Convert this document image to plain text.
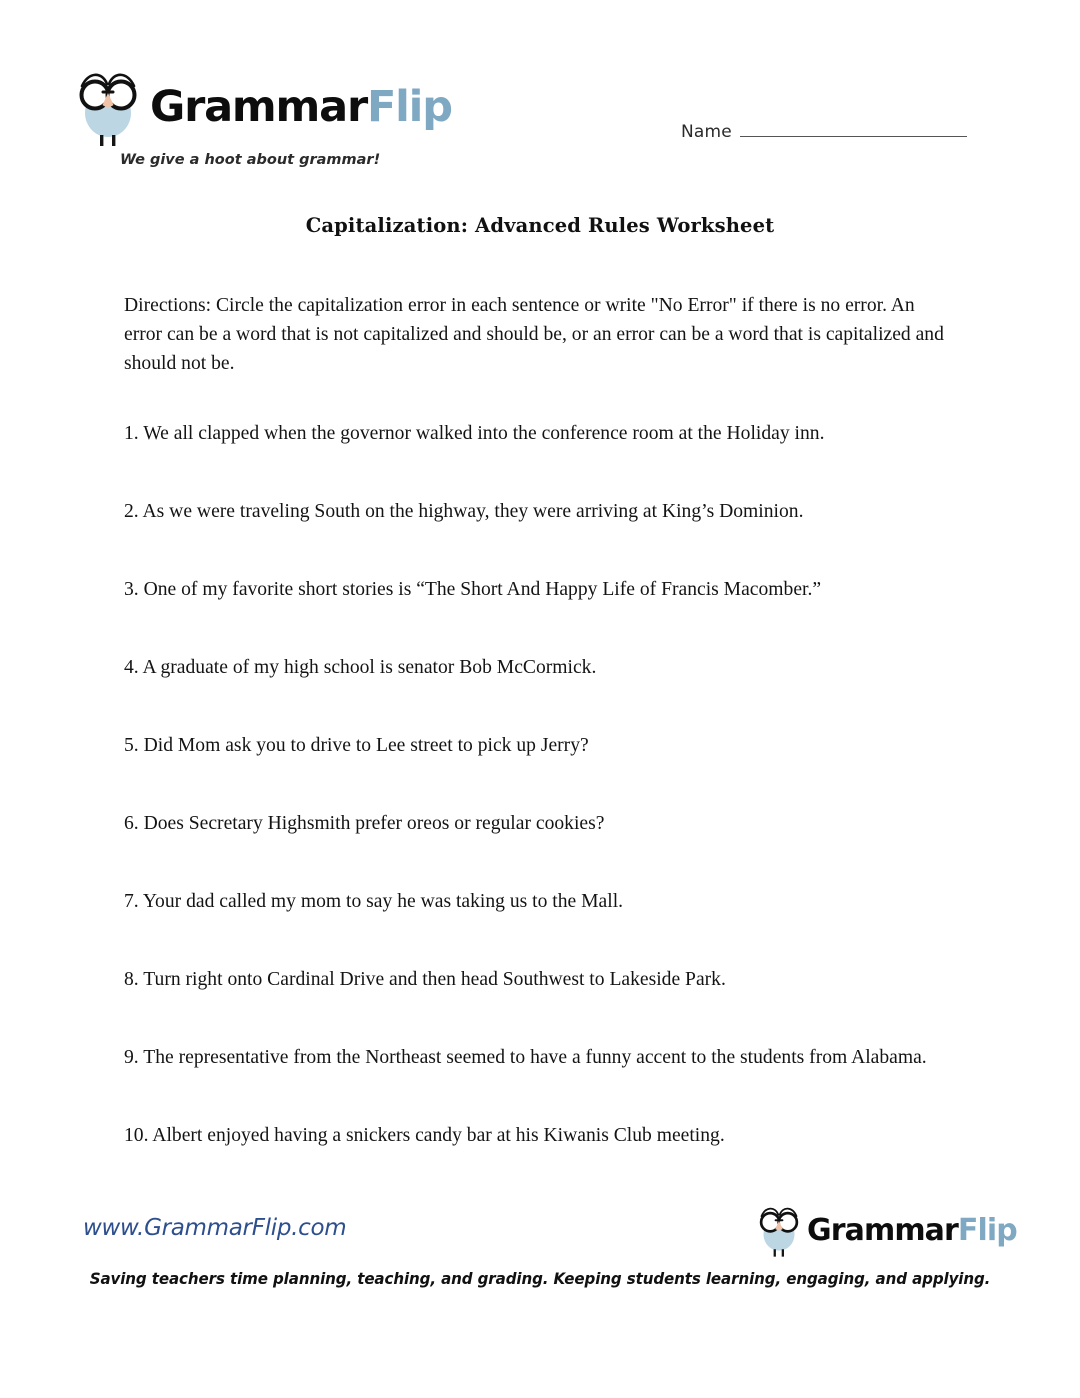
GrammarFlip
We give a hoot about grammar!
Name
Capitalization: Advanced Rules Worksheet
Directions: Circle the capitalization error in each sentence or write "No Error" if there is no error. An error can be a word that is not capitalized and should be, or an error can be a word that is capitalized and should not be.
1. We all clapped when the governor walked into the conference room at the Holiday inn.
2. As we were traveling South on the highway, they were arriving at King’s Dominion.
3. One of my favorite short stories is “The Short And Happy Life of Francis Macomber.”
4. A graduate of my high school is senator Bob McCormick.
5. Did Mom ask you to drive to Lee street to pick up Jerry?
6. Does Secretary Highsmith prefer oreos or regular cookies?
7. Your dad called my mom to say he was taking us to the Mall.
8. Turn right onto Cardinal Drive and then head Southwest to Lakeside Park.
9. The representative from the Northeast seemed to have a funny accent to the students from Alabama.
10. Albert enjoyed having a snickers candy bar at his Kiwanis Club meeting.
www.GrammarFlip.com	GrammarFlip
Saving teachers time planning, teaching, and grading. Keeping students learning, engaging, and applying.
